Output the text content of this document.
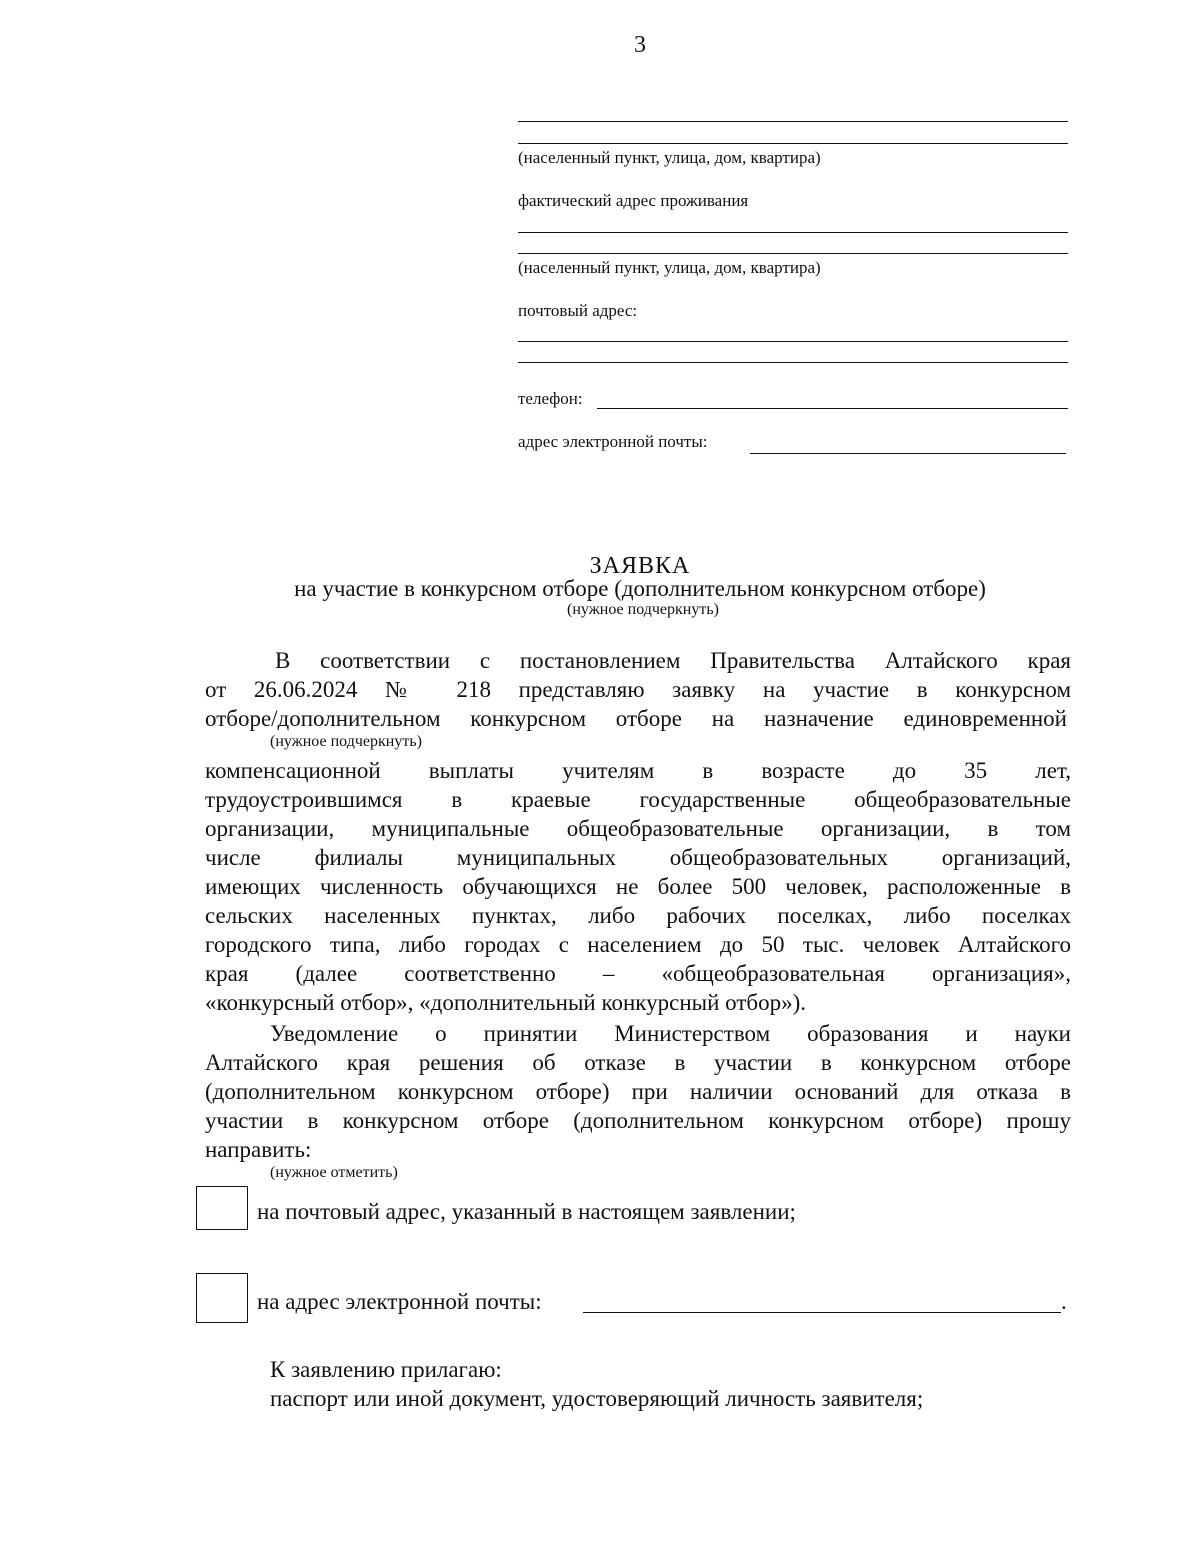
3
(населенный пункт, улица, дом, квартира)
фактический адрес проживания
(населенный пункт, улица, дом, квартира)
почтовый адрес:
телефон:
адрес электронной почты:
ЗАЯВКА
на участие в конкурсном отборе (дополнительном конкурсном отборе)
(нужное подчеркнуть)
В соответствии с постановлением Правительства Алтайского края
от 26.06.2024 № 218 представляю заявку на участие в конкурсном
отборе/дополнительном конкурсном отборе на назначение единовременной
(нужное подчеркнуть)
компенсационной выплаты учителям в возрасте до 35 лет,
трудоустроившимся в краевые государственные общеобразовательные
организации, муниципальные общеобразовательные организации, в том
числе филиалы муниципальных общеобразовательных организаций,
имеющих численность обучающихся не более 500 человек, расположенные в
сельских населенных пунктах, либо рабочих поселках, либо поселках
городского типа, либо городах с населением до 50 тыс. человек Алтайского
края (далее соответственно – «общеобразовательная организация»,
«конкурсный отбор», «дополнительный конкурсный отбор»).
Уведомление о принятии Министерством образования и науки
Алтайского края решения об отказе в участии в конкурсном отборе
(дополнительном конкурсном отборе) при наличии оснований для отказа в
участии в конкурсном отборе (дополнительном конкурсном отборе) прошу
направить:
(нужное отметить)
на почтовый адрес, указанный в настоящем заявлении;
на адрес электронной почты:	.
К заявлению прилагаю:
паспорт или иной документ, удостоверяющий личность заявителя;
